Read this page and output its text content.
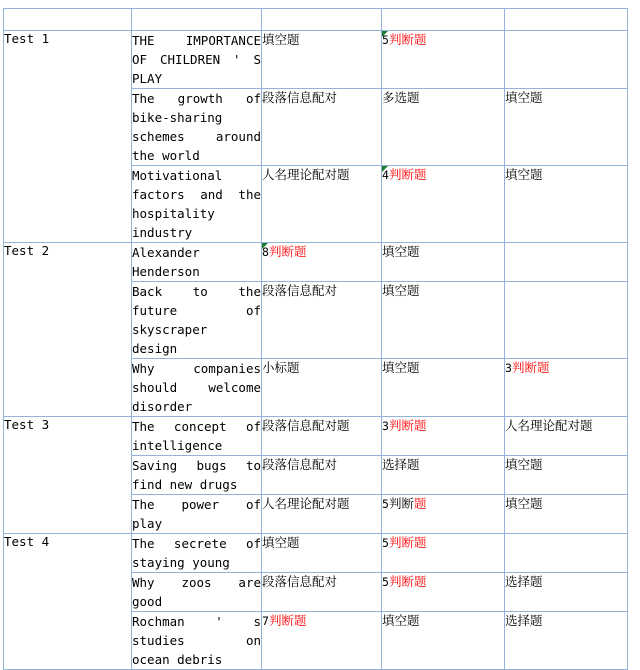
试题	标题	题型1	题型2	题型3
Test 1	THE IMPORTANCE
OF CHILDREN ' S
PLAY	填空题	5判断题	

	The growth of
bike-sharing
schemes around
the world	段落信息配对	多选题	填空题

	Motivational
factors and the
hospitality
industry	人名理论配对题	4判断题	填空题
Test 2	Alexander
Henderson	8判断题	填空题	

	Back to the
future of
skyscraper
design	段落信息配对	填空题	

	Why companies
should welcome
disorder	小标题	填空题	3判断题
Test 3	The concept of
intelligence	段落信息配对题	3判断题	人名理论配对题

	Saving bugs to
find new drugs	段落信息配对	选择题	填空题

	The power of
play	人名理论配对题	5判断题	填空题
Test 4	The secrete of
staying young	填空题	5判断题	

	Why zoos are
good	段落信息配对	5判断题	选择题

	Rochman ' s
studies on
ocean debris	7判断题	填空题	选择题
